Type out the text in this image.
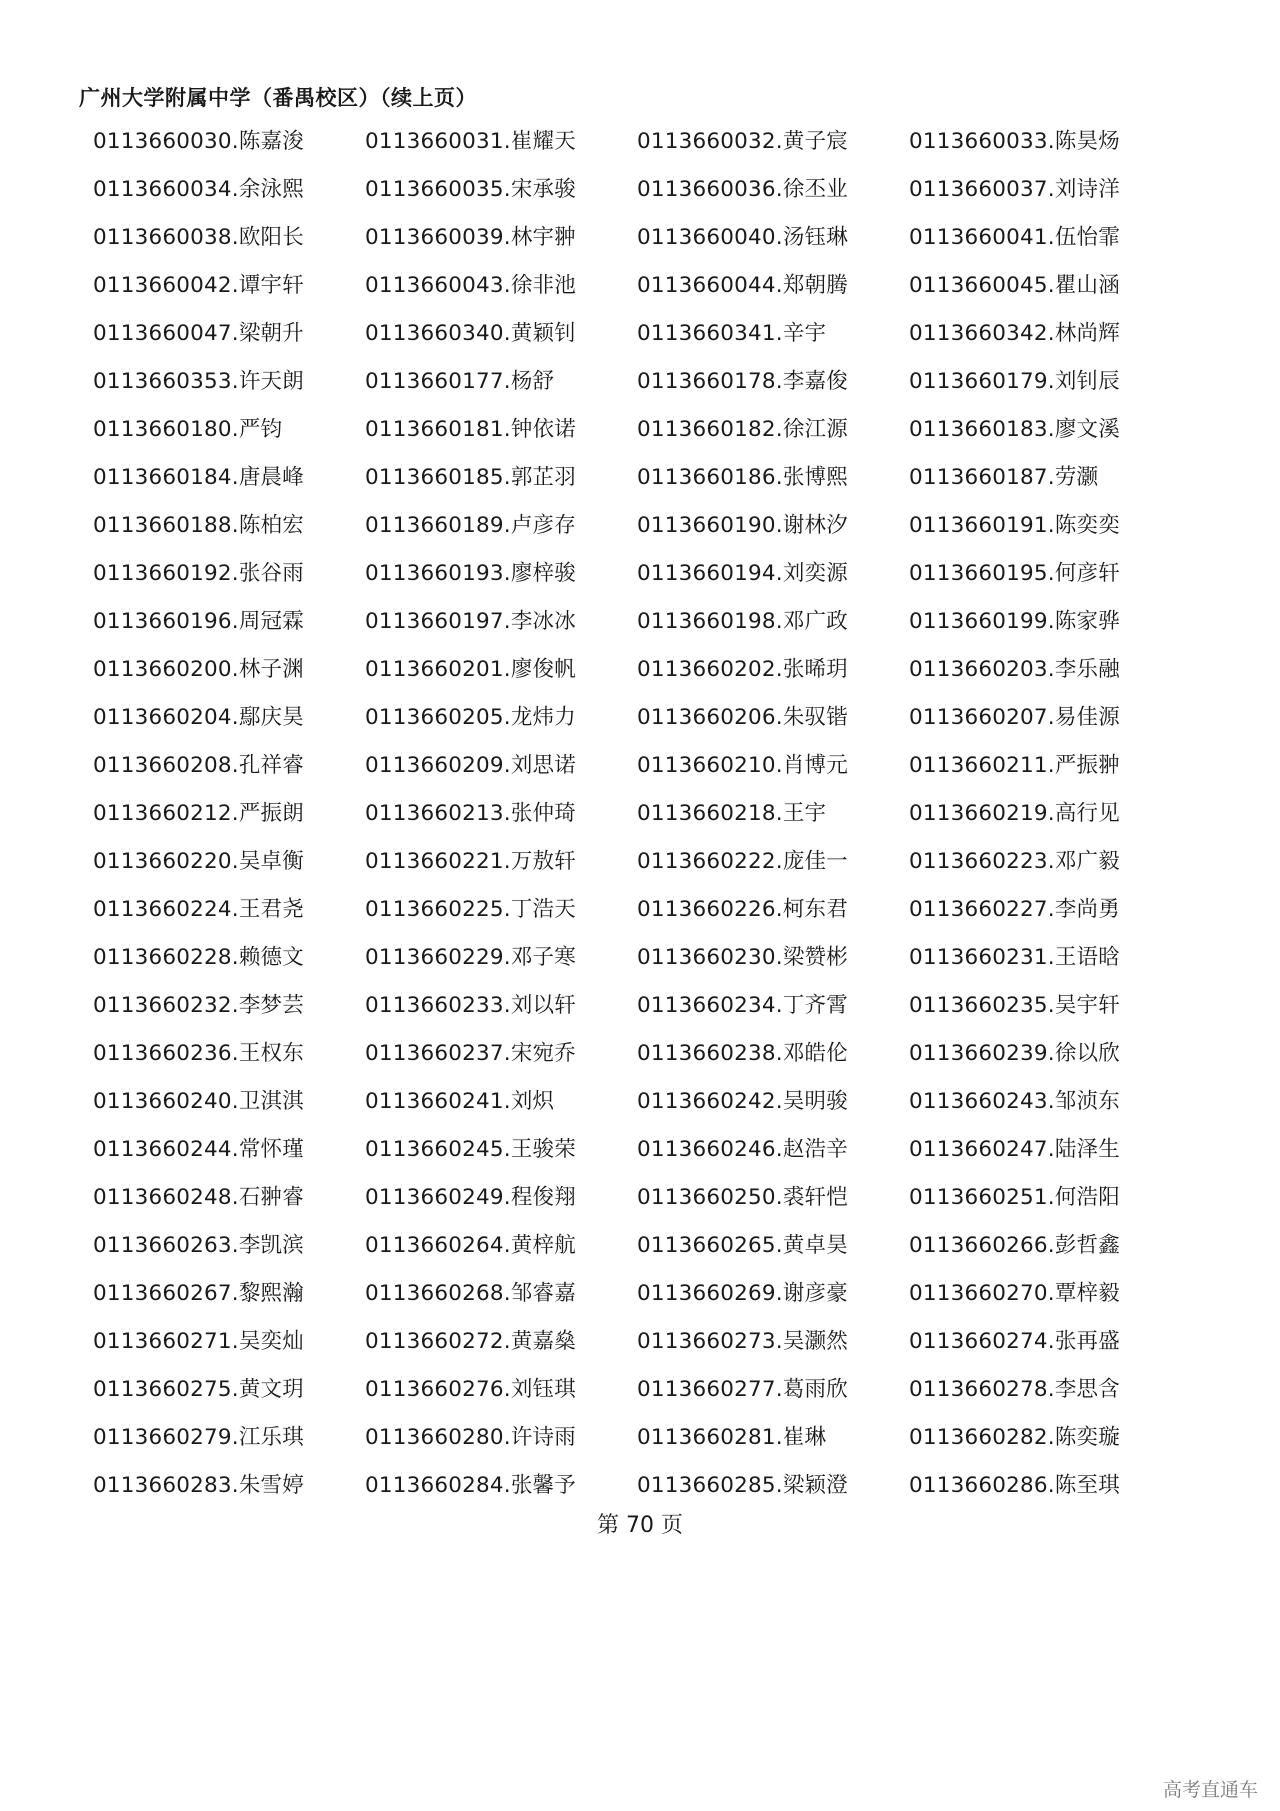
广州大学附属中学（番禺校区）（续上页）
0113660030.陈嘉浚	0113660031.崔耀天	0113660032.黄子宸	0113660033.陈昊炀
0113660034.余泳熙	0113660035.宋承骏	0113660036.徐丕业	0113660037.刘诗洋
0113660038.欧阳长	0113660039.林宇翀	0113660040.汤钰琳	0113660041.伍怡霏
0113660042.谭宇轩	0113660043.徐非池	0113660044.郑朝腾	0113660045.瞿山涵
0113660047.梁朝升	0113660340.黄颖钊	0113660341.辛宇	0113660342.林尚辉
0113660353.许天朗	0113660177.杨舒	0113660178.李嘉俊	0113660179.刘钊辰
0113660180.严钧	0113660181.钟依诺	0113660182.徐江源	0113660183.廖文溪
0113660184.唐晨峰	0113660185.郭芷羽	0113660186.张博熙	0113660187.劳灏
0113660188.陈柏宏	0113660189.卢彦存	0113660190.谢林汐	0113660191.陈奕奕
0113660192.张谷雨	0113660193.廖梓骏	0113660194.刘奕源	0113660195.何彦轩
0113660196.周冠霖	0113660197.李冰冰	0113660198.邓广政	0113660199.陈家骅
0113660200.林子渊	0113660201.廖俊帆	0113660202.张晞玥	0113660203.李乐融
0113660204.鄢庆昊	0113660205.龙炜力	0113660206.朱驭锴	0113660207.易佳源
0113660208.孔祥睿	0113660209.刘思诺	0113660210.肖博元	0113660211.严振翀
0113660212.严振朗	0113660213.张仲琦	0113660218.王宇	0113660219.高行见
0113660220.吴卓衡	0113660221.万敖轩	0113660222.庞佳一	0113660223.邓广毅
0113660224.王君尧	0113660225.丁浩天	0113660226.柯东君	0113660227.李尚勇
0113660228.赖德文	0113660229.邓子寒	0113660230.梁赞彬	0113660231.王语晗
0113660232.李梦芸	0113660233.刘以轩	0113660234.丁齐霄	0113660235.吴宇轩
0113660236.王权东	0113660237.宋宛乔	0113660238.邓皓伦	0113660239.徐以欣
0113660240.卫淇淇	0113660241.刘炽	0113660242.吴明骏	0113660243.邹浈东
0113660244.常怀瑾	0113660245.王骏荣	0113660246.赵浩辛	0113660247.陆泽生
0113660248.石翀睿	0113660249.程俊翔	0113660250.裘轩恺	0113660251.何浩阳
0113660263.李凯滨	0113660264.黄梓航	0113660265.黄卓昊	0113660266.彭哲鑫
0113660267.黎熙瀚	0113660268.邹睿嘉	0113660269.谢彦豪	0113660270.覃梓毅
0113660271.吴奕灿	0113660272.黄嘉燊	0113660273.吴灏然	0113660274.张再盛
0113660275.黄文玥	0113660276.刘钰琪	0113660277.葛雨欣	0113660278.李思含
0113660279.江乐琪	0113660280.许诗雨	0113660281.崔琳	0113660282.陈奕璇
0113660283.朱雪婷	0113660284.张馨予	0113660285.梁颖澄	0113660286.陈至琪
第 70 页
高考直通车
